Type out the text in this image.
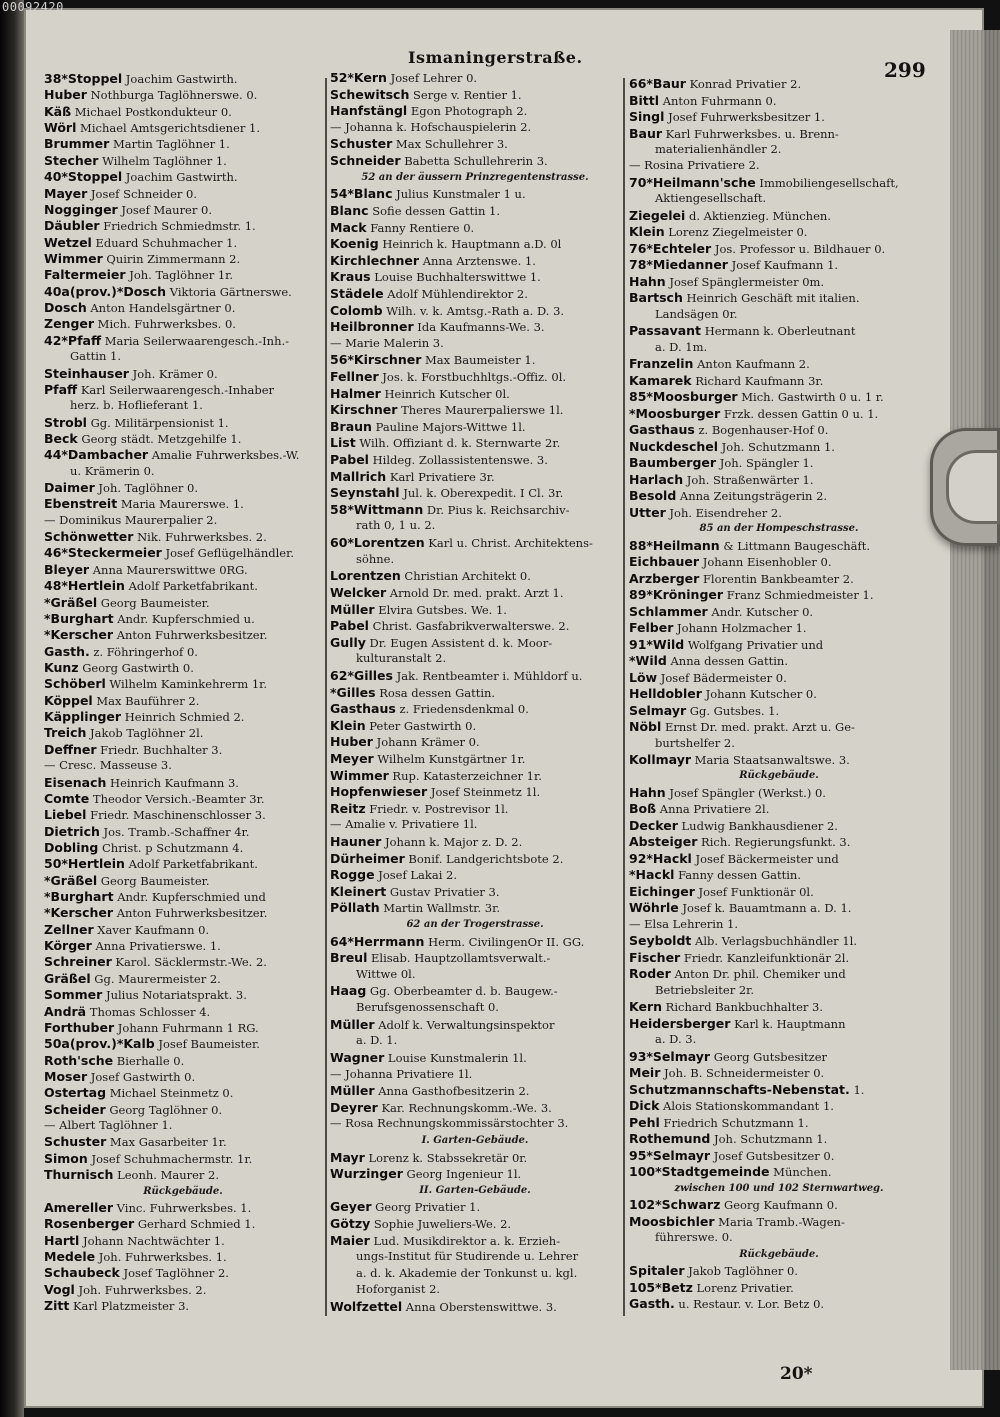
00092420
Ismaningerstraße.
299
38*Stoppel Joachim Gastwirth.
Huber Nothburga Taglöhnerswe. 0.
Käß Michael Postkondukteur 0.
Wörl Michael Amtsgerichtsdiener 1.
Brummer Martin Taglöhner 1.
Stecher Wilhelm Taglöhner 1.
40*Stoppel Joachim Gastwirth.
Mayer Josef Schneider 0.
Nogginger Josef Maurer 0.
Däubler Friedrich Schmiedmstr. 1.
Wetzel Eduard Schuhmacher 1.
Wimmer Quirin Zimmermann 2.
Faltermeier Joh. Taglöhner 1r.
40a(prov.)*Dosch Viktoria Gärtnerswe.
Dosch Anton Handelsgärtner 0.
Zenger Mich. Fuhrwerksbes. 0.
42*Pfaff Maria Seilerwaarengesch.-Inh.-
Gattin 1.
Steinhauser Joh. Krämer 0.
Pfaff Karl Seilerwaarengesch.-Inhaber
herz. b. Hoflieferant 1.
Strobl Gg. Militärpensionist 1.
Beck Georg städt. Metzgehilfe 1.
44*Dambacher Amalie Fuhrwerksbes.-W.
u. Krämerin 0.
Daimer Joh. Taglöhner 0.
Ebenstreit Maria Maurerswe. 1.
— Dominikus Maurerpalier 2.
Schönwetter Nik. Fuhrwerksbes. 2.
46*Steckermeier Josef Geflügelhändler.
Bleyer Anna Maurerswittwe 0RG.
48*Hertlein Adolf Parketfabrikant.
*Gräßel Georg Baumeister.
*Burghart Andr. Kupferschmied u.
*Kerscher Anton Fuhrwerksbesitzer.
Gasth. z. Föhringerhof 0.
Kunz Georg Gastwirth 0.
Schöberl Wilhelm Kaminkehrerm 1r.
Köppel Max Bauführer 2.
Käpplinger Heinrich Schmied 2.
Treich Jakob Taglöhner 2l.
Deffner Friedr. Buchhalter 3.
— Cresc. Masseuse 3.
Eisenach Heinrich Kaufmann 3.
Comte Theodor Versich.-Beamter 3r.
Liebel Friedr. Maschinenschlosser 3.
Dietrich Jos. Tramb.-Schaffner 4r.
Dobling Christ. p Schutzmann 4.
50*Hertlein Adolf Parketfabrikant.
*Gräßel Georg Baumeister.
*Burghart Andr. Kupferschmied und
*Kerscher Anton Fuhrwerksbesitzer.
Zellner Xaver Kaufmann 0.
Körger Anna Privatierswe. 1.
Schreiner Karol. Säcklermstr.-We. 2.
Gräßel Gg. Maurermeister 2.
Sommer Julius Notariatsprakt. 3.
Andrä Thomas Schlosser 4.
Forthuber Johann Fuhrmann 1 RG.
50a(prov.)*Kalb Josef Baumeister.
Roth'sche Bierhalle 0.
Moser Josef Gastwirth 0.
Ostertag Michael Steinmetz 0.
Scheider Georg Taglöhner 0.
— Albert Taglöhner 1.
Schuster Max Gasarbeiter 1r.
Simon Josef Schuhmachermstr. 1r.
Thurnisch Leonh. Maurer 2.
Rückgebäude.
Amereller Vinc. Fuhrwerksbes. 1.
Rosenberger Gerhard Schmied 1.
Hartl Johann Nachtwächter 1.
Medele Joh. Fuhrwerksbes. 1.
Schaubeck Josef Taglöhner 2.
Vogl Joh. Fuhrwerksbes. 2.
Zitt Karl Platzmeister 3.
52*Kern Josef Lehrer 0.
Schewitsch Serge v. Rentier 1.
Hanfstängl Egon Photograph 2.
— Johanna k. Hofschauspielerin 2.
Schuster Max Schullehrer 3.
Schneider Babetta Schullehrerin 3.
52 an der äussern Prinzregentenstrasse.
54*Blanc Julius Kunstmaler 1 u.
Blanc Sofie dessen Gattin 1.
Mack Fanny Rentiere 0.
Koenig Heinrich k. Hauptmann a.D. 0l
Kirchlechner Anna Arztenswe. 1.
Kraus Louise Buchhalterswittwe 1.
Städele Adolf Mühlendirektor 2.
Colomb Wilh. v. k. Amtsg.-Rath a. D. 3.
Heilbronner Ida Kaufmanns-We. 3.
— Marie Malerin 3.
56*Kirschner Max Baumeister 1.
Fellner Jos. k. Forstbuchhltgs.-Offiz. 0l.
Halmer Heinrich Kutscher 0l.
Kirschner Theres Maurerpalierswe 1l.
Braun Pauline Majors-Wittwe 1l.
List Wilh. Offiziant d. k. Sternwarte 2r.
Pabel Hildeg. Zollassistentenswe. 3.
Mallrich Karl Privatiere 3r.
Seynstahl Jul. k. Oberexpedit. I Cl. 3r.
58*Wittmann Dr. Pius k. Reichsarchiv-
rath 0, 1 u. 2.
60*Lorentzen Karl u. Christ. Architektens-
söhne.
Lorentzen Christian Architekt 0.
Welcker Arnold Dr. med. prakt. Arzt 1.
Müller Elvira Gutsbes. We. 1.
Pabel Christ. Gasfabrikverwalterswe. 2.
Gully Dr. Eugen Assistent d. k. Moor-
kulturanstalt 2.
62*Gilles Jak. Rentbeamter i. Mühldorf u.
*Gilles Rosa dessen Gattin.
Gasthaus z. Friedensdenkmal 0.
Klein Peter Gastwirth 0.
Huber Johann Krämer 0.
Meyer Wilhelm Kunstgärtner 1r.
Wimmer Rup. Katasterzeichner 1r.
Hopfenwieser Josef Steinmetz 1l.
Reitz Friedr. v. Postrevisor 1l.
— Amalie v. Privatiere 1l.
Hauner Johann k. Major z. D. 2.
Dürheimer Bonif. Landgerichtsbote 2.
Rogge Josef Lakai 2.
Kleinert Gustav Privatier 3.
Pöllath Martin Wallmstr. 3r.
62 an der Trogerstrasse.
64*Herrmann Herm. CivilingenOr II. GG.
Breul Elisab. Hauptzollamtsverwalt.-
Wittwe 0l.
Haag Gg. Oberbeamter d. b. Baugew.-
Berufsgenossenschaft 0.
Müller Adolf k. Verwaltungsinspektor
a. D. 1.
Wagner Louise Kunstmalerin 1l.
— Johanna Privatiere 1l.
Müller Anna Gasthofbesitzerin 2.
Deyrer Kar. Rechnungskomm.-We. 3.
— Rosa Rechnungskommissärstochter 3.
I. Garten-Gebäude.
Mayr Lorenz k. Stabssekretär 0r.
Wurzinger Georg Ingenieur 1l.
II. Garten-Gebäude.
Geyer Georg Privatier 1.
Götzy Sophie Juweliers-We. 2.
Maier Lud. Musikdirektor a. k. Erzieh-
ungs-Institut für Studirende u. Lehrer
a. d. k. Akademie der Tonkunst u. kgl.
Hoforganist 2.
Wolfzettel Anna Oberstenswittwe. 3.
66*Baur Konrad Privatier 2.
Bittl Anton Fuhrmann 0.
Singl Josef Fuhrwerksbesitzer 1.
Baur Karl Fuhrwerksbes. u. Brenn-
materialienhändler 2.
— Rosina Privatiere 2.
70*Heilmann'sche Immobiliengesellschaft,
Aktiengesellschaft.
Ziegelei d. Aktienzieg. München.
Klein Lorenz Ziegelmeister 0.
76*Echteler Jos. Professor u. Bildhauer 0.
78*Miedanner Josef Kaufmann 1.
Hahn Josef Spänglermeister 0m.
Bartsch Heinrich Geschäft mit italien.
Landsägen 0r.
Passavant Hermann k. Oberleutnant
a. D. 1m.
Franzelin Anton Kaufmann 2.
Kamarek Richard Kaufmann 3r.
85*Moosburger Mich. Gastwirth 0 u. 1 r.
*Moosburger Frzk. dessen Gattin 0 u. 1.
Gasthaus z. Bogenhauser-Hof 0.
Nuckdeschel Joh. Schutzmann 1.
Baumberger Joh. Spängler 1.
Harlach Joh. Straßenwärter 1.
Besold Anna Zeitungsträgerin 2.
Utter Joh. Eisendreher 2.
85 an der Hompeschstrasse.
88*Heilmann & Littmann Baugeschäft.
Eichbauer Johann Eisenhobler 0.
Arzberger Florentin Bankbeamter 2.
89*Kröninger Franz Schmiedmeister 1.
Schlammer Andr. Kutscher 0.
Felber Johann Holzmacher 1.
91*Wild Wolfgang Privatier und
*Wild Anna dessen Gattin.
Löw Josef Bädermeister 0.
Helldobler Johann Kutscher 0.
Selmayr Gg. Gutsbes. 1.
Nöbl Ernst Dr. med. prakt. Arzt u. Ge-
burtshelfer 2.
Kollmayr Maria Staatsanwaltswe. 3.
Rückgebäude.
Hahn Josef Spängler (Werkst.) 0.
Boß Anna Privatiere 2l.
Decker Ludwig Bankhausdiener 2.
Absteiger Rich. Regierungsfunkt. 3.
92*Hackl Josef Bäckermeister und
*Hackl Fanny dessen Gattin.
Eichinger Josef Funktionär 0l.
Wöhrle Josef k. Bauamtmann a. D. 1.
— Elsa Lehrerin 1.
Seyboldt Alb. Verlagsbuchhändler 1l.
Fischer Friedr. Kanzleifunktionär 2l.
Roder Anton Dr. phil. Chemiker und
Betriebsleiter 2r.
Kern Richard Bankbuchhalter 3.
Heidersberger Karl k. Hauptmann
a. D. 3.
93*Selmayr Georg Gutsbesitzer
Meir Joh. B. Schneidermeister 0.
Schutzmannschafts-Nebenstat. 1.
Dick Alois Stationskommandant 1.
Pehl Friedrich Schutzmann 1.
Rothemund Joh. Schutzmann 1.
95*Selmayr Josef Gutsbesitzer 0.
100*Stadtgemeinde München.
zwischen 100 und 102 Sternwartweg.
102*Schwarz Georg Kaufmann 0.
Moosbichler Maria Tramb.-Wagen-
führerswe. 0.
Rückgebäude.
Spitaler Jakob Taglöhner 0.
105*Betz Lorenz Privatier.
Gasth. u. Restaur. v. Lor. Betz 0.
20*
